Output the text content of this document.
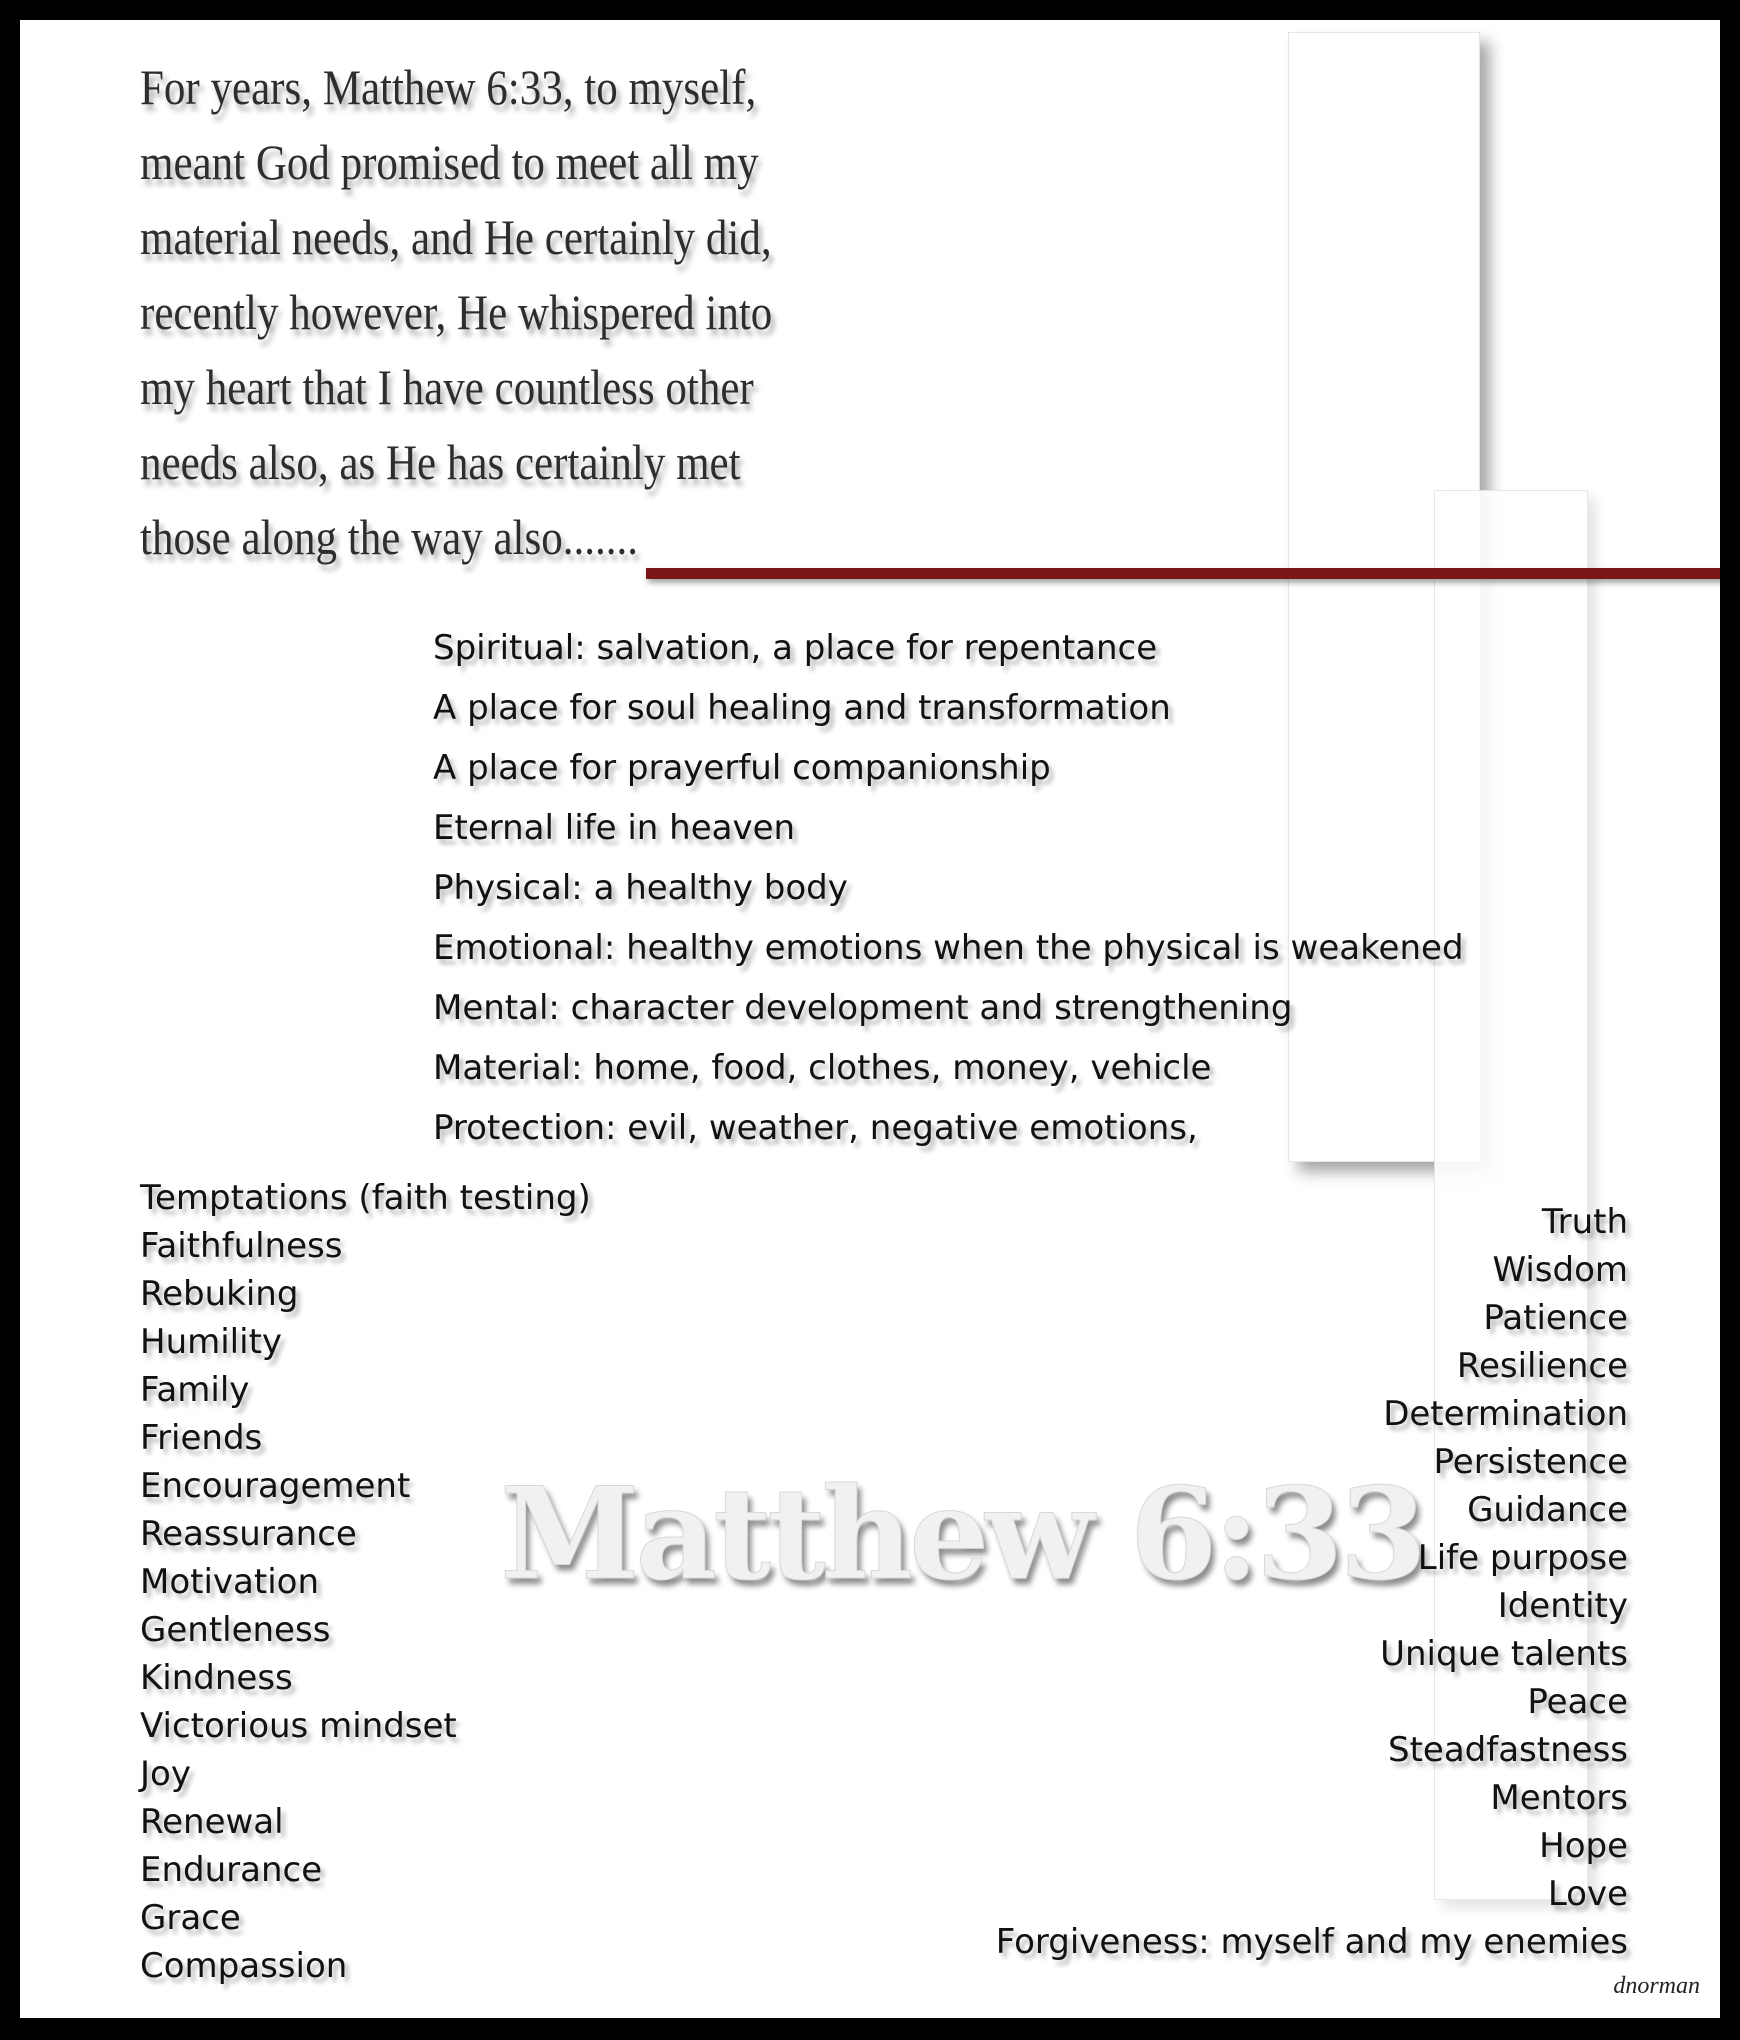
For years, Matthew 6:33, to myself,
meant God promised to meet all my
material needs, and He certainly did,
recently however, He whispered into
my heart that I have countless other
needs also, as He has certainly met
those along the way also.......

Spiritual: salvation, a place for repentance
A place for soul healing and transformation
A place for prayerful companionship
Eternal life in heaven
Physical: a healthy body
Emotional: healthy emotions when the physical is weakened
Mental: character development and strengthening
Material: home, food, clothes, money, vehicle
Protection: evil, weather, negative emotions,
Temptations (faith testing)
Faithfulness
Rebuking
Humility
Family
Friends
Encouragement
Reassurance
Motivation
Gentleness
Kindness
Victorious mindset
Joy
Renewal
Endurance
Grace
Compassion
Truth
Wisdom
Patience
Resilience
Determination
Persistence
Guidance
Life purpose
Identity
Unique talents
Peace
Steadfastness
Mentors
Hope
Love
Forgiveness: myself and my enemies
Matthew 6:33

dnorman
